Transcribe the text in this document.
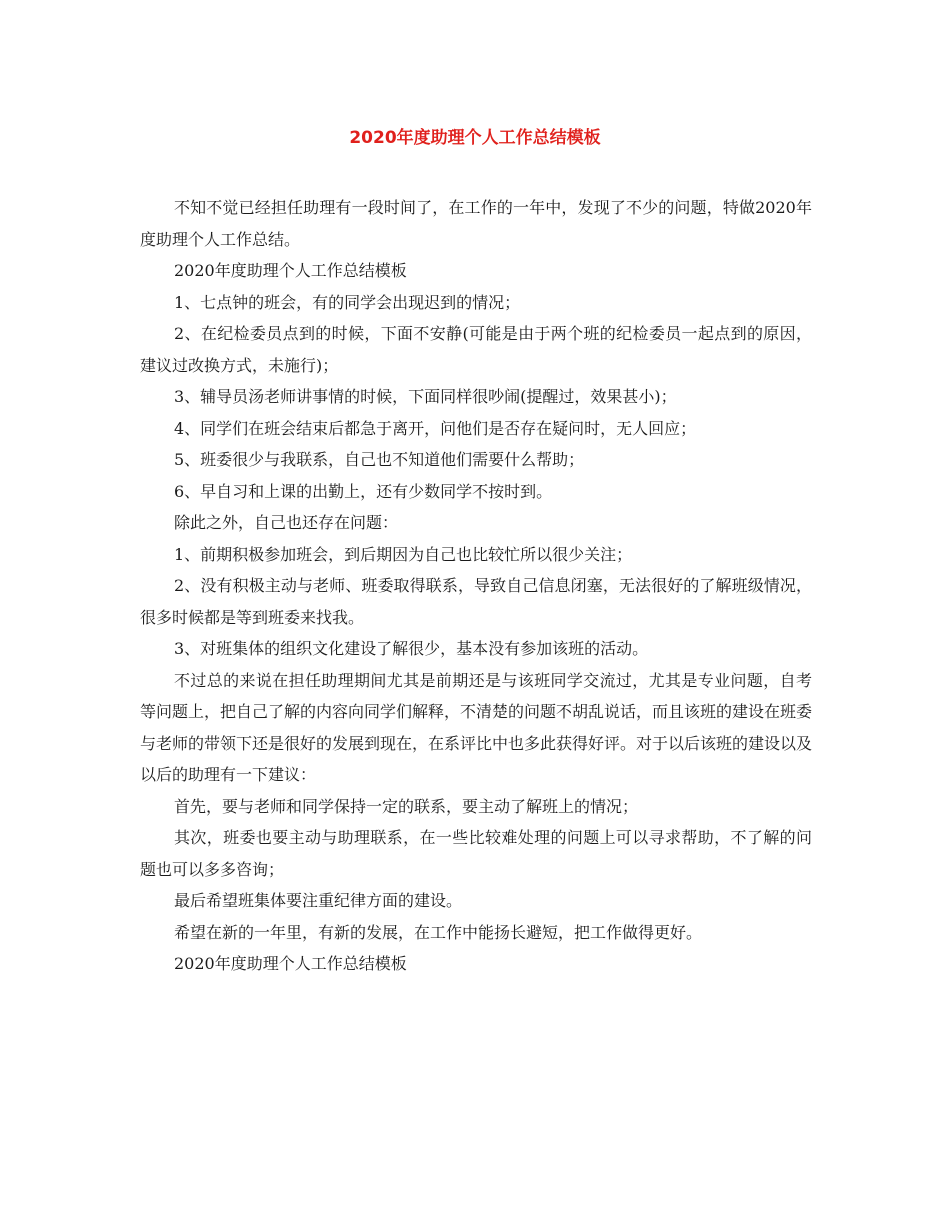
2020年度助理个人工作总结模板

不知不觉已经担任助理有一段时间了，在工作的一年中，发现了不少的问题，特做2020年度助理个人工作总结。

2020年度助理个人工作总结模板

1、七点钟的班会，有的同学会出现迟到的情况；

2、在纪检委员点到的时候，下面不安静(可能是由于两个班的纪检委员一起点到的原因，建议过改换方式，未施行)；

3、辅导员汤老师讲事情的时候，下面同样很吵闹(提醒过，效果甚小)；

4、同学们在班会结束后都急于离开，问他们是否存在疑问时，无人回应；

5、班委很少与我联系，自己也不知道他们需要什么帮助；

6、早自习和上课的出勤上，还有少数同学不按时到。

除此之外，自己也还存在问题：

1、前期积极参加班会，到后期因为自己也比较忙所以很少关注；

2、没有积极主动与老师、班委取得联系，导致自己信息闭塞，无法很好的了解班级情况，很多时候都是等到班委来找我。

3、对班集体的组织文化建设了解很少，基本没有参加该班的活动。

不过总的来说在担任助理期间尤其是前期还是与该班同学交流过，尤其是专业问题，自考等问题上，把自己了解的内容向同学们解释，不清楚的问题不胡乱说话，而且该班的建设在班委与老师的带领下还是很好的发展到现在，在系评比中也多此获得好评。对于以后该班的建设以及以后的助理有一下建议：

首先，要与老师和同学保持一定的联系，要主动了解班上的情况；

其次，班委也要主动与助理联系，在一些比较难处理的问题上可以寻求帮助，不了解的问题也可以多多咨询；

最后希望班集体要注重纪律方面的建设。

希望在新的一年里，有新的发展，在工作中能扬长避短，把工作做得更好。

2020年度助理个人工作总结模板
